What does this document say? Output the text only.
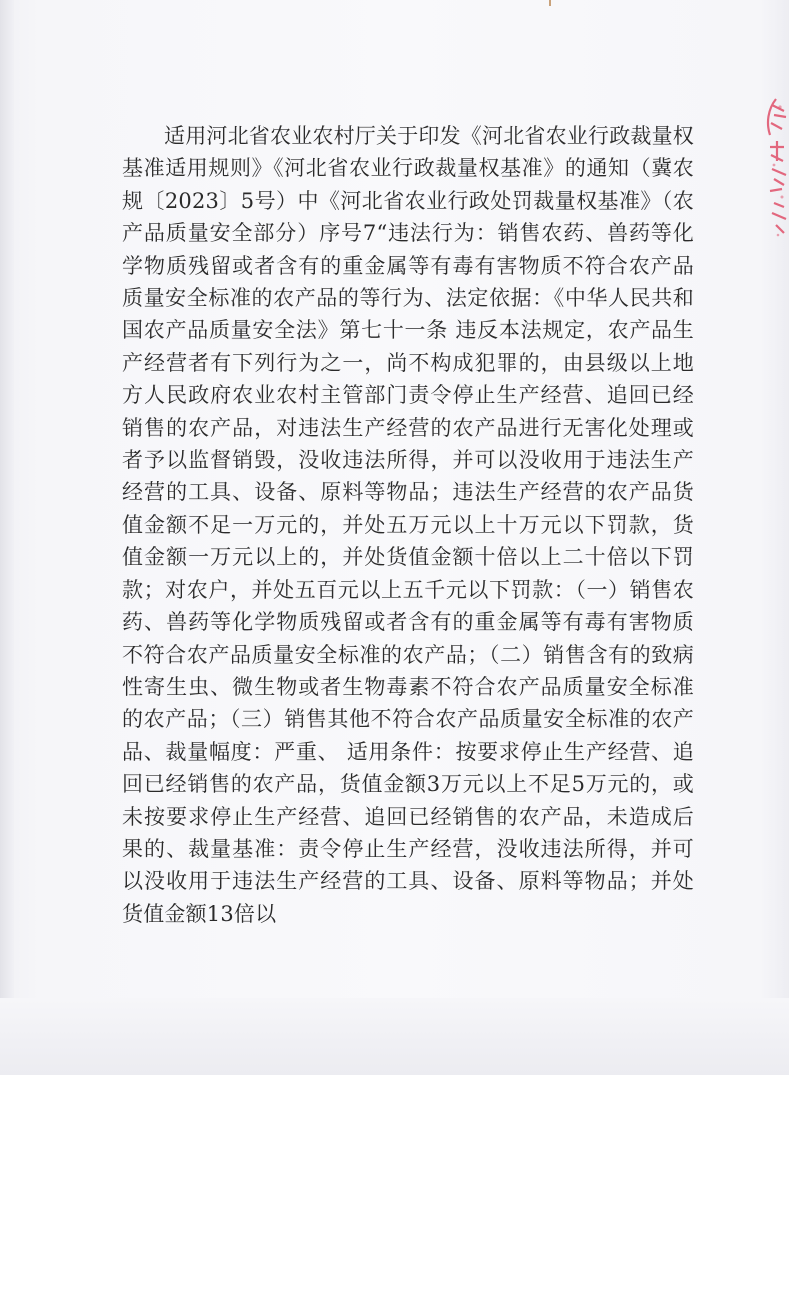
适用河北省农业农村厅关于印发《河北省农业行政裁量权基准适用规则》《河北省农业行政裁量权基准》的通知（冀农规〔2023〕5号）中《河北省农业行政处罚裁量权基准》（农产品质量安全部分）序号7“违法行为：销售农药、兽药等化学物质残留或者含有的重金属等有毒有害物质不符合农产品质量安全标准的农产品的等行为、法定依据：《中华人民共和国农产品质量安全法》第七十一条 违反本法规定，农产品生产经营者有下列行为之一，尚不构成犯罪的，由县级以上地方人民政府农业农村主管部门责令停止生产经营、追回已经销售的农产品，对违法生产经营的农产品进行无害化处理或者予以监督销毁，没收违法所得，并可以没收用于违法生产经营的工具、设备、原料等物品；违法生产经营的农产品货值金额不足一万元的，并处五万元以上十万元以下罚款，货值金额一万元以上的，并处货值金额十倍以上二十倍以下罚款；对农户，并处五百元以上五千元以下罚款：（一）销售农药、兽药等化学物质残留或者含有的重金属等有毒有害物质不符合农产品质量安全标准的农产品；（二）销售含有的致病性寄生虫、微生物或者生物毒素不符合农产品质量安全标准的农产品；（三）销售其他不符合农产品质量安全标准的农产品、裁量幅度：严重、 适用条件：按要求停止生产经营、追回已经销售的农产品，货值金额3万元以上不足5万元的，或未按要求停止生产经营、追回已经销售的农产品，未造成后果的、裁量基准：责令停止生产经营，没收违法所得，并可以没收用于违法生产经营的工具、设备、原料等物品；并处货值金额13倍以
